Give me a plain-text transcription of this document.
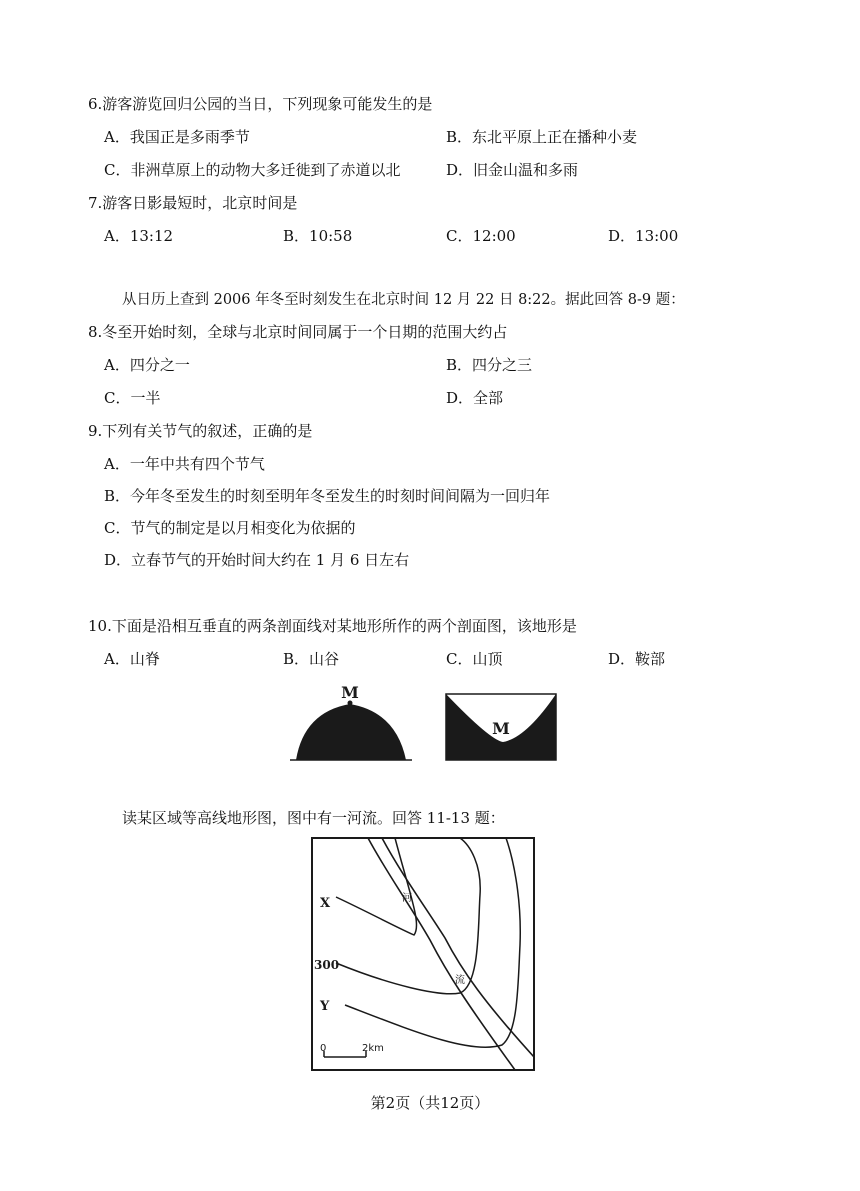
6.游客游览回归公园的当日，下列现象可能发生的是
A．我国正是多雨季节	B．东北平原上正在播种小麦
C．非洲草原上的动物大多迁徙到了赤道以北	D．旧金山温和多雨
7.游客日影最短时，北京时间是
A．13:12	B．10:58	C．12:00	D．13:00
从日历上查到 2006 年冬至时刻发生在北京时间 12 月 22 日 8:22。据此回答 8-9 题：
8.冬至开始时刻，全球与北京时间同属于一个日期的范围大约占
A．四分之一	B．四分之三
C．一半	D．全部
9.下列有关节气的叙述，正确的是
A．一年中共有四个节气
B．今年冬至发生的时刻至明年冬至发生的时刻时间间隔为一回归年
C．节气的制定是以月相变化为依据的
D．立春节气的开始时间大约在 1 月 6 日左右
10.下面是沿相互垂直的两条剖面线对某地形所作的两个剖面图，该地形是
A．山脊	B．山谷	C．山顶	D．鞍部
M
M
读某区域等高线地形图，图中有一河流。回答 11-13 题：
X
300
Y
河
流
0	2km
第2页（共12页）
